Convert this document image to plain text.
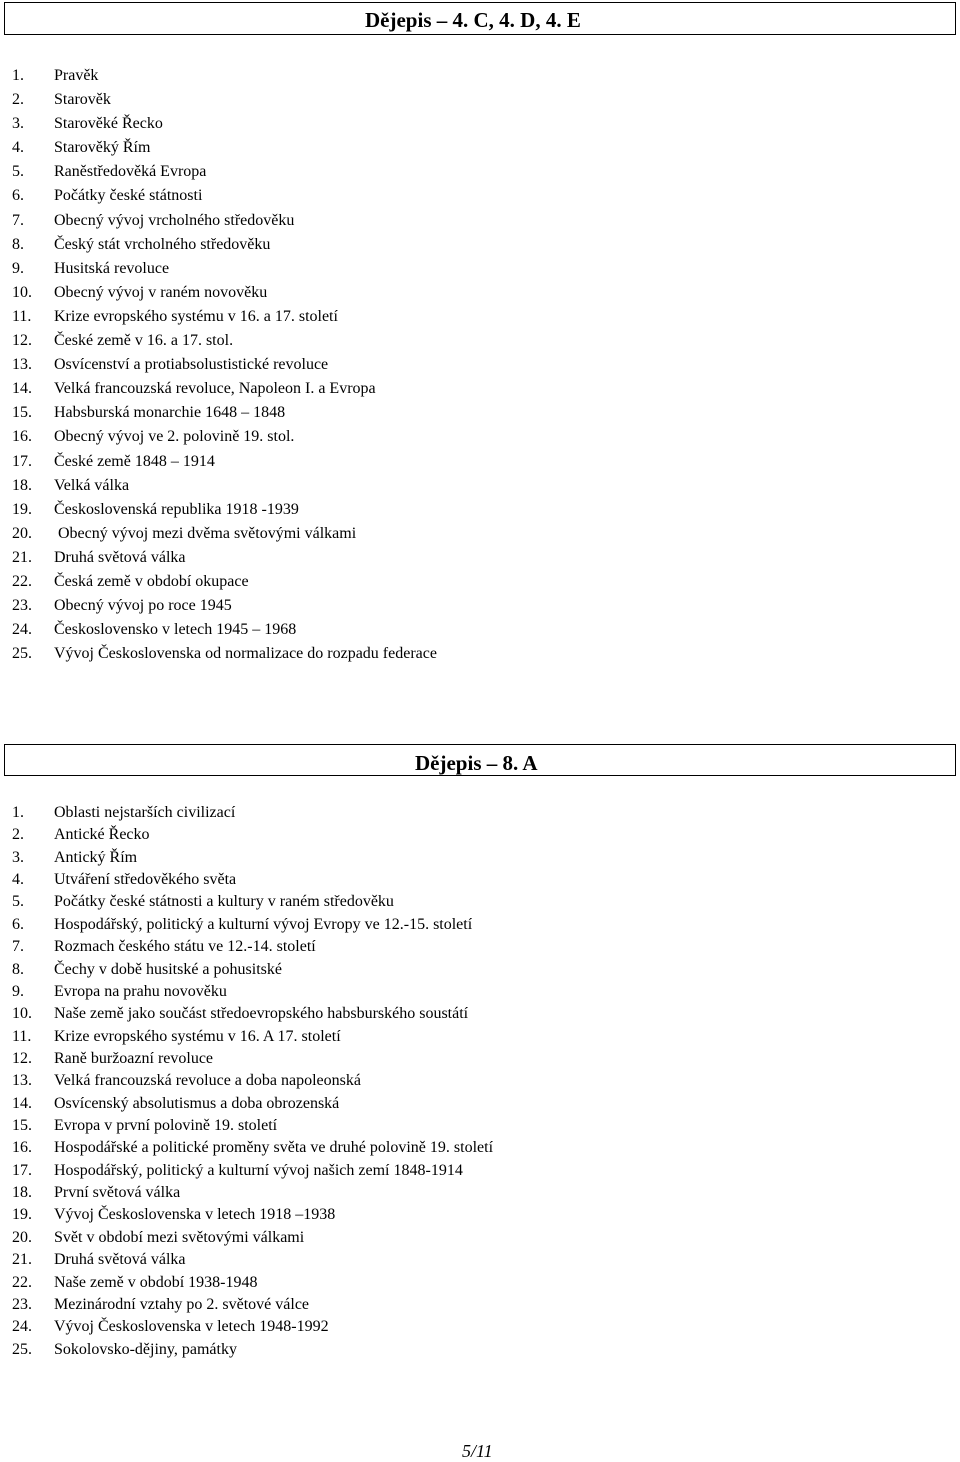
Dějepis – 4. C, 4. D, 4. E
1. Pravěk
2. Starověk
3. Starověké Řecko
4. Starověký Řím
5. Raněstředověká Evropa
6. Počátky české státnosti
7. Obecný vývoj vrcholného středověku
8. Český stát vrcholného středověku
9. Husitská revoluce
10. Obecný vývoj v raném novověku
11. Krize evropského systému v 16. a 17. století
12. České země v 16. a 17. stol.
13. Osvícenství a protiabsolustistické revoluce
14. Velká francouzská revoluce, Napoleon I. a Evropa
15. Habsburská monarchie 1648 – 1848
16. Obecný vývoj ve 2. polovině 19. stol.
17. České země 1848 – 1914
18. Velká válka
19. Československá republika 1918 -1939
20. Obecný vývoj mezi dvěma světovými válkami
21. Druhá světová válka
22. Česká země v období okupace
23. Obecný vývoj po roce 1945
24. Československo v letech 1945 – 1968
25. Vývoj Československa od normalizace do rozpadu federace
Dějepis – 8. A
1. Oblasti nejstarších civilizací
2. Antické Řecko
3. Antický Řím
4. Utváření středověkého světa
5. Počátky české státnosti a kultury v raném středověku
6. Hospodářský, politický a kulturní vývoj Evropy ve 12.-15. století
7. Rozmach českého státu ve 12.-14. století
8. Čechy v době husitské a pohusitské
9. Evropa na prahu novověku
10. Naše země jako součást středoevropského habsburského soustátí
11. Krize evropského systému v 16. A 17. století
12. Raně buržoazní revoluce
13. Velká francouzská revoluce a doba napoleonská
14. Osvícenský absolutismus a doba obrozenská
15. Evropa v první polovině 19. století
16. Hospodářské a politické proměny světa ve druhé polovině 19. století
17. Hospodářský, politický a kulturní vývoj našich zemí 1848-1914
18. První světová válka
19. Vývoj Československa v letech 1918 –1938
20. Svět v období mezi světovými válkami
21. Druhá světová válka
22. Naše země v období 1938-1948
23. Mezinárodní vztahy po 2. světové válce
24. Vývoj Československa v letech 1948-1992
25. Sokolovsko-dějiny, památky
5/11
